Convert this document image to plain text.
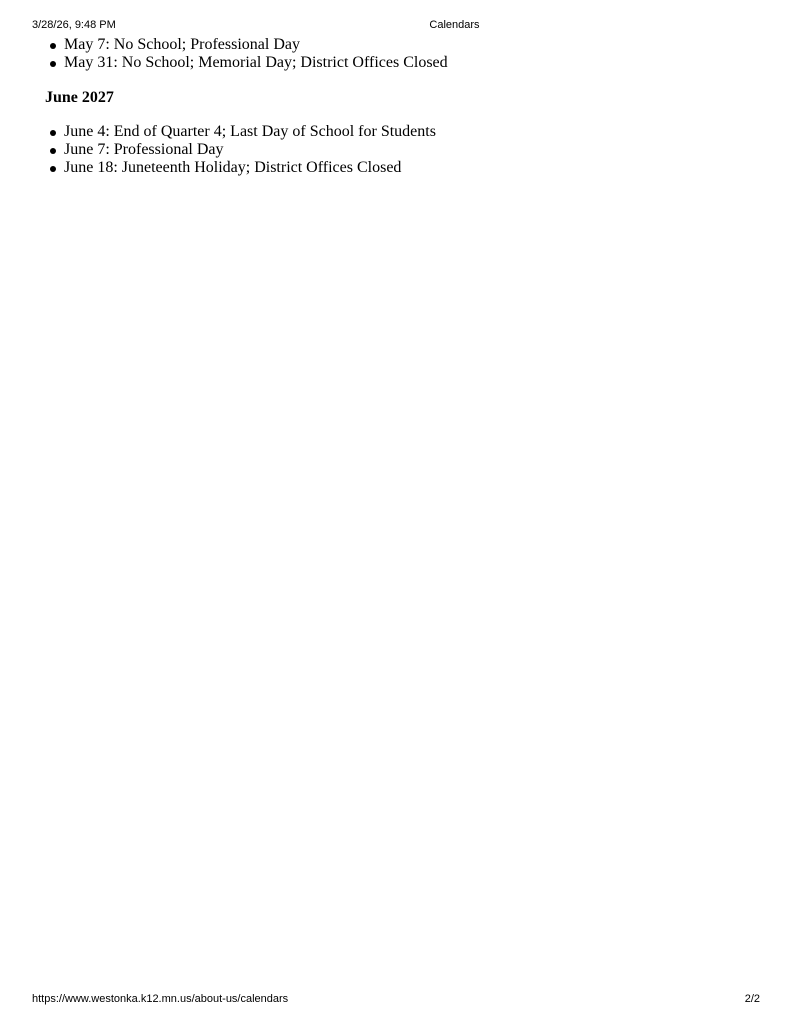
3/28/26, 9:48 PM	Calendars
May 7: No School; Professional Day
May 31: No School; Memorial Day; District Offices Closed
June 2027
June 4: End of Quarter 4; Last Day of School for Students
June 7: Professional Day
June 18: Juneteenth Holiday; District Offices Closed
https://www.westonka.k12.mn.us/about-us/calendars	2/2
